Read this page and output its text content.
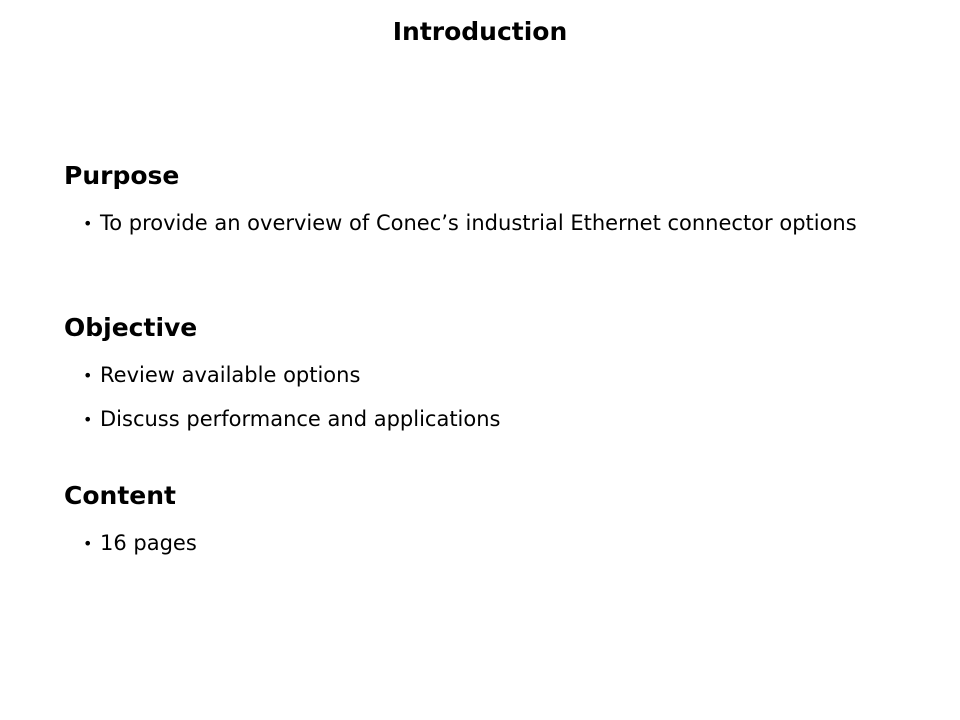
Introduction
Purpose
• To provide an overview of Conec’s industrial Ethernet connector options
Objective
• Review available options
• Discuss performance and applications
Content
• 16 pages
